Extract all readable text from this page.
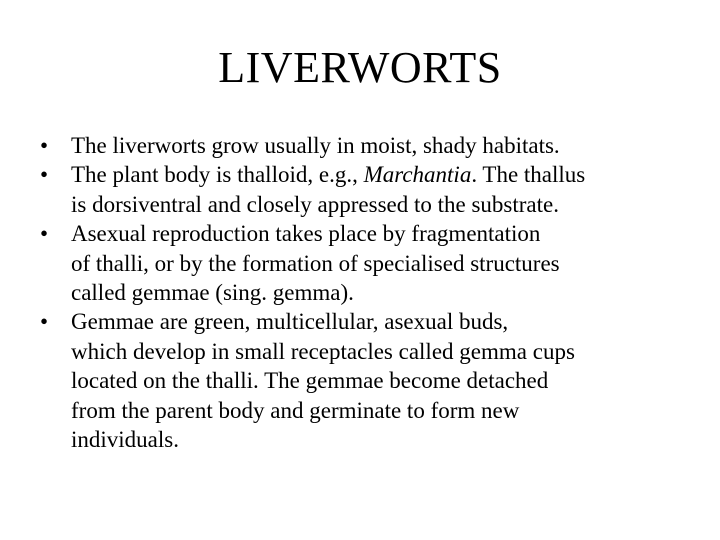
LIVERWORTS
• The liverworts grow usually in moist, shady habitats.
• The plant body is thalloid, e.g., Marchantia. The thallus
is dorsiventral and closely appressed to the substrate.
• Asexual reproduction takes place by fragmentation
of thalli, or by the formation of specialised structures
called gemmae (sing. gemma).
• Gemmae are green, multicellular, asexual buds,
which develop in small receptacles called gemma cups
located on the thalli. The gemmae become detached
from the parent body and germinate to form new
individuals.
